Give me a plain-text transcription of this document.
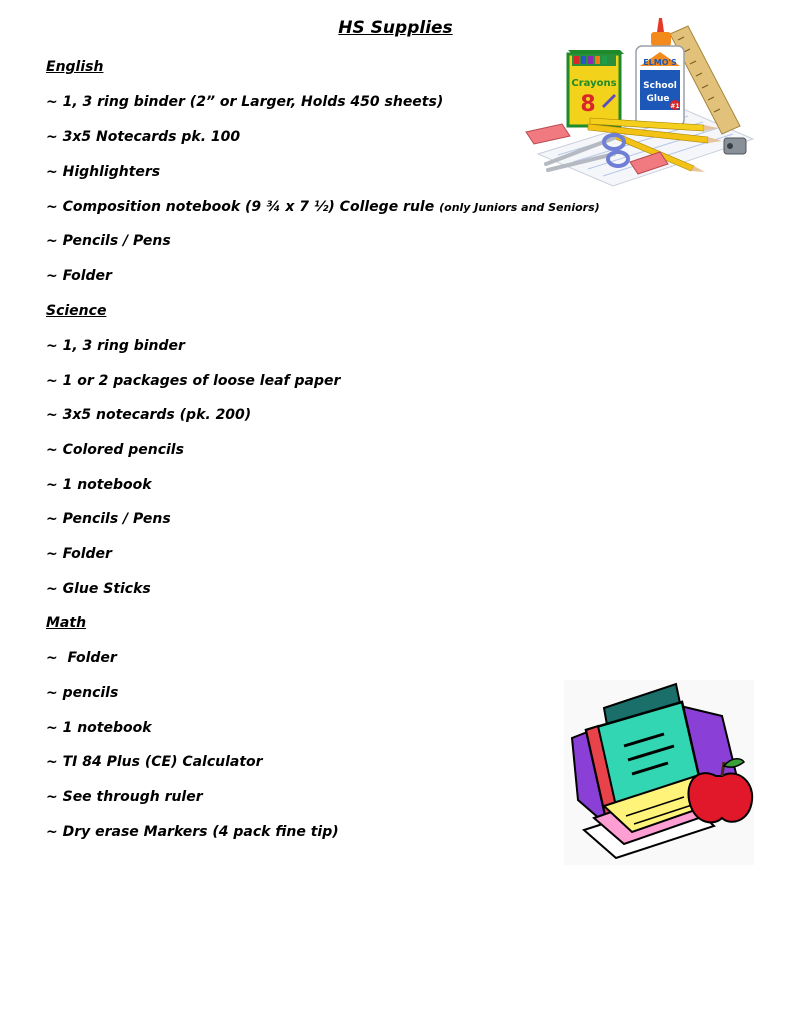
HS Supplies
English
~ 1, 3 ring binder (2” or Larger, Holds 450 sheets)
~ 3x5 Notecards pk. 100
~ Highlighters
~ Composition notebook (9 ¾ x 7 ½) College rule (only Juniors and Seniors)
~ Pencils / Pens
~ Folder
Science
~ 1, 3 ring binder
~ 1 or 2 packages of loose leaf paper
~ 3x5 notecards (pk. 200)
~ Colored pencils
~ 1 notebook
~ Pencils / Pens
~ Folder
~ Glue Sticks
Math
~  Folder
~ pencils
~ 1 notebook
~ TI 84 Plus (CE) Calculator
~ See through ruler
~ Dry erase Markers (4 pack fine tip)
Crayons
8
ELMO'S
School
Glue
#1
